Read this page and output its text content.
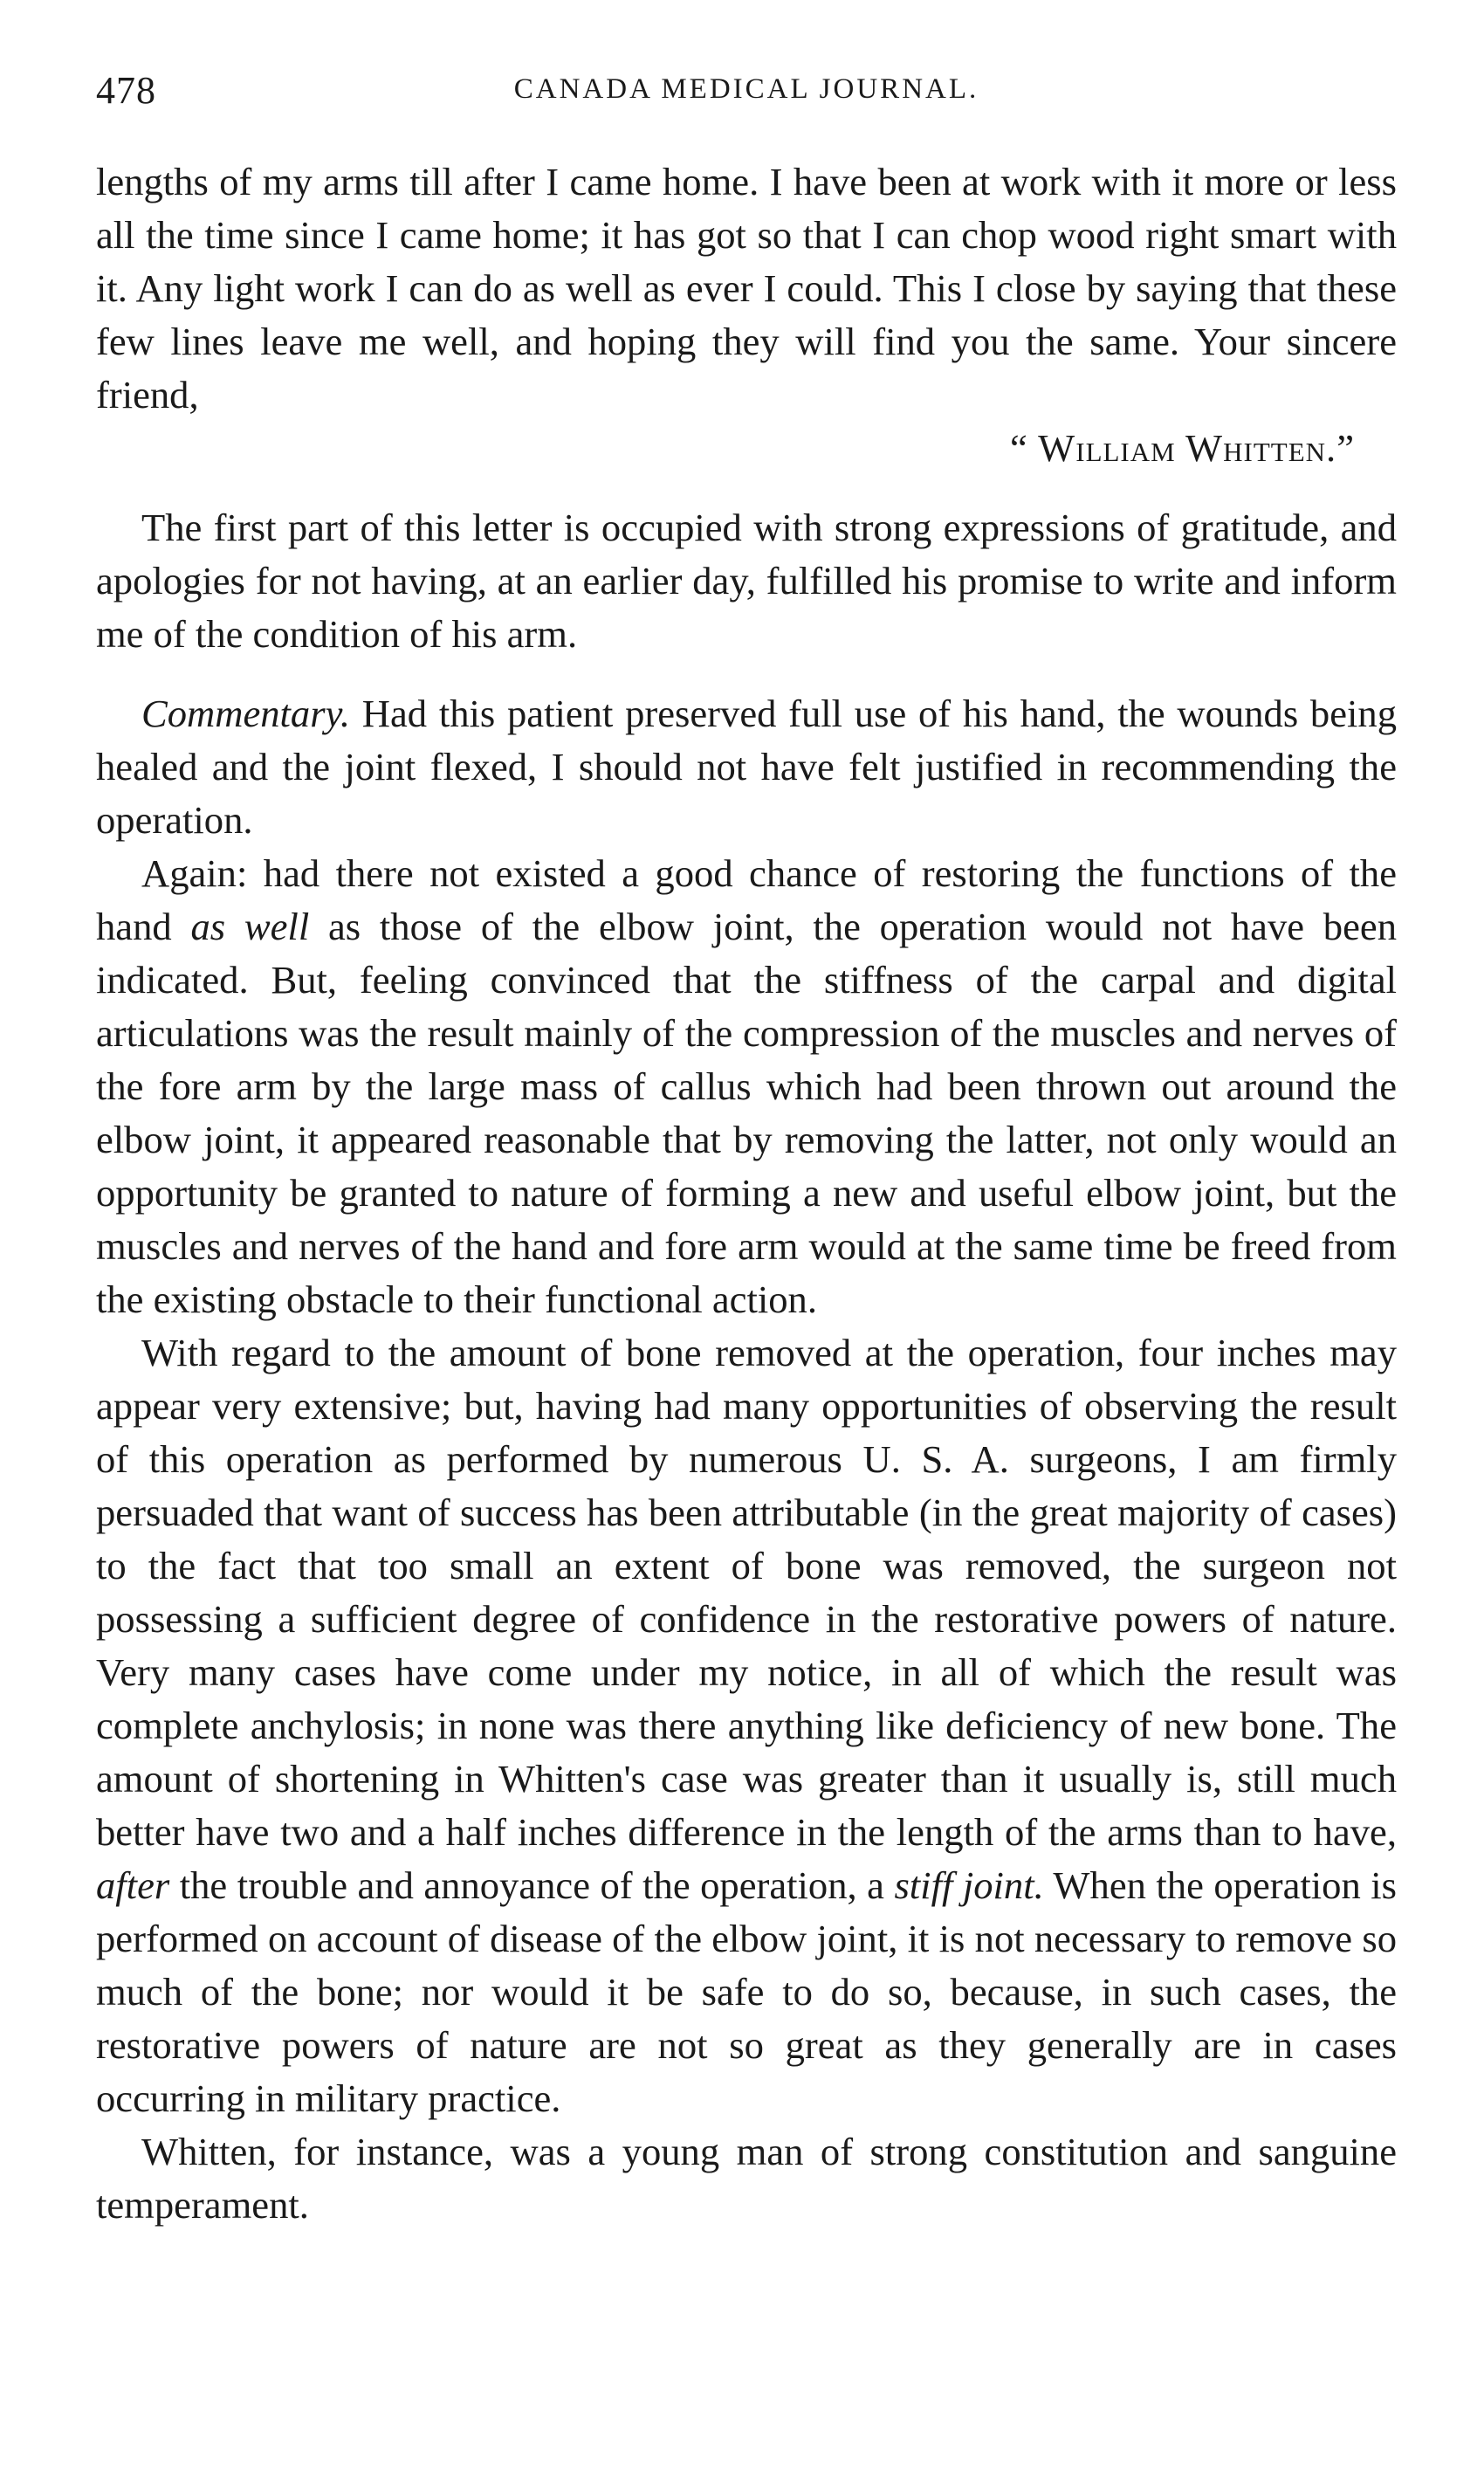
478	CANADA MEDICAL JOURNAL.

lengths of my arms till after I came home. I have been at work with it more or less all the time since I came home; it has got so that I can chop wood right smart with it. Any light work I can do as well as ever I could. This I close by saying that these few lines leave me well, and hoping they will find you the same. Your sincere friend,

“ William Whitten.”

The first part of this letter is occupied with strong expressions of gratitude, and apologies for not having, at an earlier day, fulfilled his promise to write and inform me of the condition of his arm.

Commentary. Had this patient preserved full use of his hand, the wounds being healed and the joint flexed, I should not have felt justified in recommending the operation.

Again: had there not existed a good chance of restoring the functions of the hand as well as those of the elbow joint, the operation would not have been indicated. But, feeling convinced that the stiffness of the carpal and digital articulations was the result mainly of the compression of the muscles and nerves of the fore arm by the large mass of callus which had been thrown out around the elbow joint, it appeared reasonable that by removing the latter, not only would an opportunity be granted to nature of forming a new and useful elbow joint, but the muscles and nerves of the hand and fore arm would at the same time be freed from the existing obstacle to their functional action.

With regard to the amount of bone removed at the operation, four inches may appear very extensive; but, having had many opportunities of observing the result of this operation as performed by numerous U. S. A. surgeons, I am firmly persuaded that want of success has been attributable (in the great majority of cases) to the fact that too small an extent of bone was removed, the surgeon not possessing a sufficient degree of confidence in the restorative powers of nature. Very many cases have come under my notice, in all of which the result was complete anchylosis; in none was there anything like deficiency of new bone. The amount of shortening in Whitten's case was greater than it usually is, still much better have two and a half inches difference in the length of the arms than to have, after the trouble and annoyance of the operation, a stiff joint. When the operation is performed on account of disease of the elbow joint, it is not necessary to remove so much of the bone; nor would it be safe to do so, because, in such cases, the restorative powers of nature are not so great as they generally are in cases occurring in military practice.

Whitten, for instance, was a young man of strong constitution and sanguine temperament.
